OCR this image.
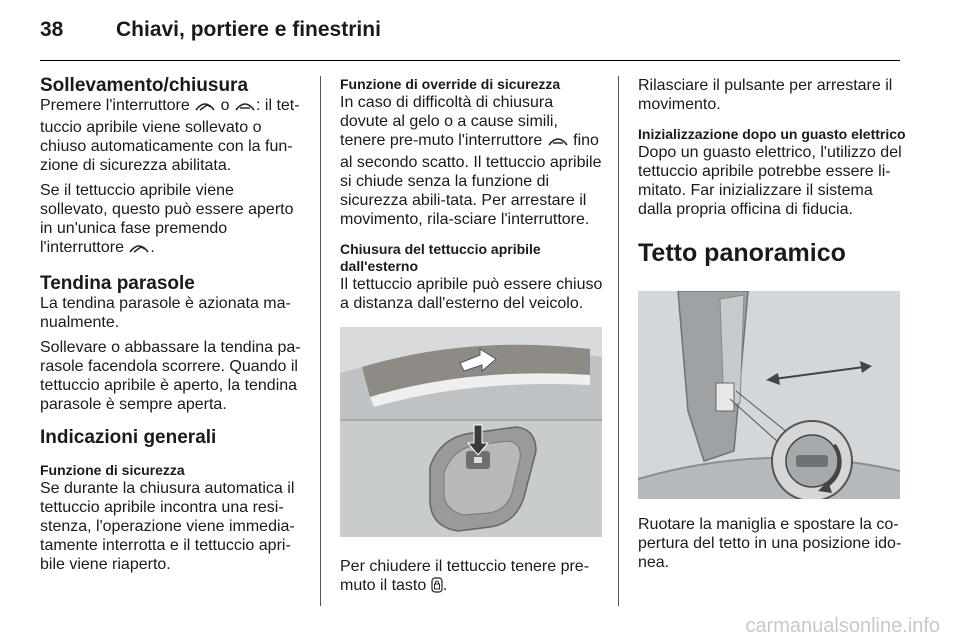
38	Chiavi, portiere e finestrini
Sollevamento/chiusura

Premere l'interruttore  o : il tet-tuccio apribile viene sollevato o chiuso automaticamente con la fun-zione di sicurezza abilitata.

Se il tettuccio apribile viene sollevato, questo può essere aperto in un'unica fase premendo l'interruttore .

Tendina parasole

La tendina parasole è azionata ma-nualmente.

Sollevare o abbassare la tendina pa-rasole facendola scorrere. Quando il tettuccio apribile è aperto, la tendina parasole è sempre aperta.

Indicazioni generali
Funzione di sicurezza

Se durante la chiusura automatica il tettuccio apribile incontra una resi-stenza, l'operazione viene immedia-tamente interrotta e il tettuccio apri-bile viene riaperto.

Funzione di override di sicurezza

In caso di difficoltà di chiusura dovute al gelo o a cause simili, tenere pre-muto l'interruttore  fino al secondo scatto. Il tettuccio apribile si chiude senza la funzione di sicurezza abili-tata. Per arrestare il movimento, rila-sciare l'interruttore.

Chiusura del tettuccio apribile dall'esterno

Il tettuccio apribile può essere chiuso a distanza dall'esterno del veicolo.

Per chiudere il tettuccio tenere pre-muto il tasto .

Rilasciare il pulsante per arrestare il movimento.

Inizializzazione dopo un guasto elettrico

Dopo un guasto elettrico, l'utilizzo del tettuccio apribile potrebbe essere li-mitato. Far inizializzare il sistema dalla propria officina di fiducia.

Tetto panoramico

Ruotare la maniglia e spostare la co-pertura del tetto in una posizione ido-nea.

carmanualsonline.info
